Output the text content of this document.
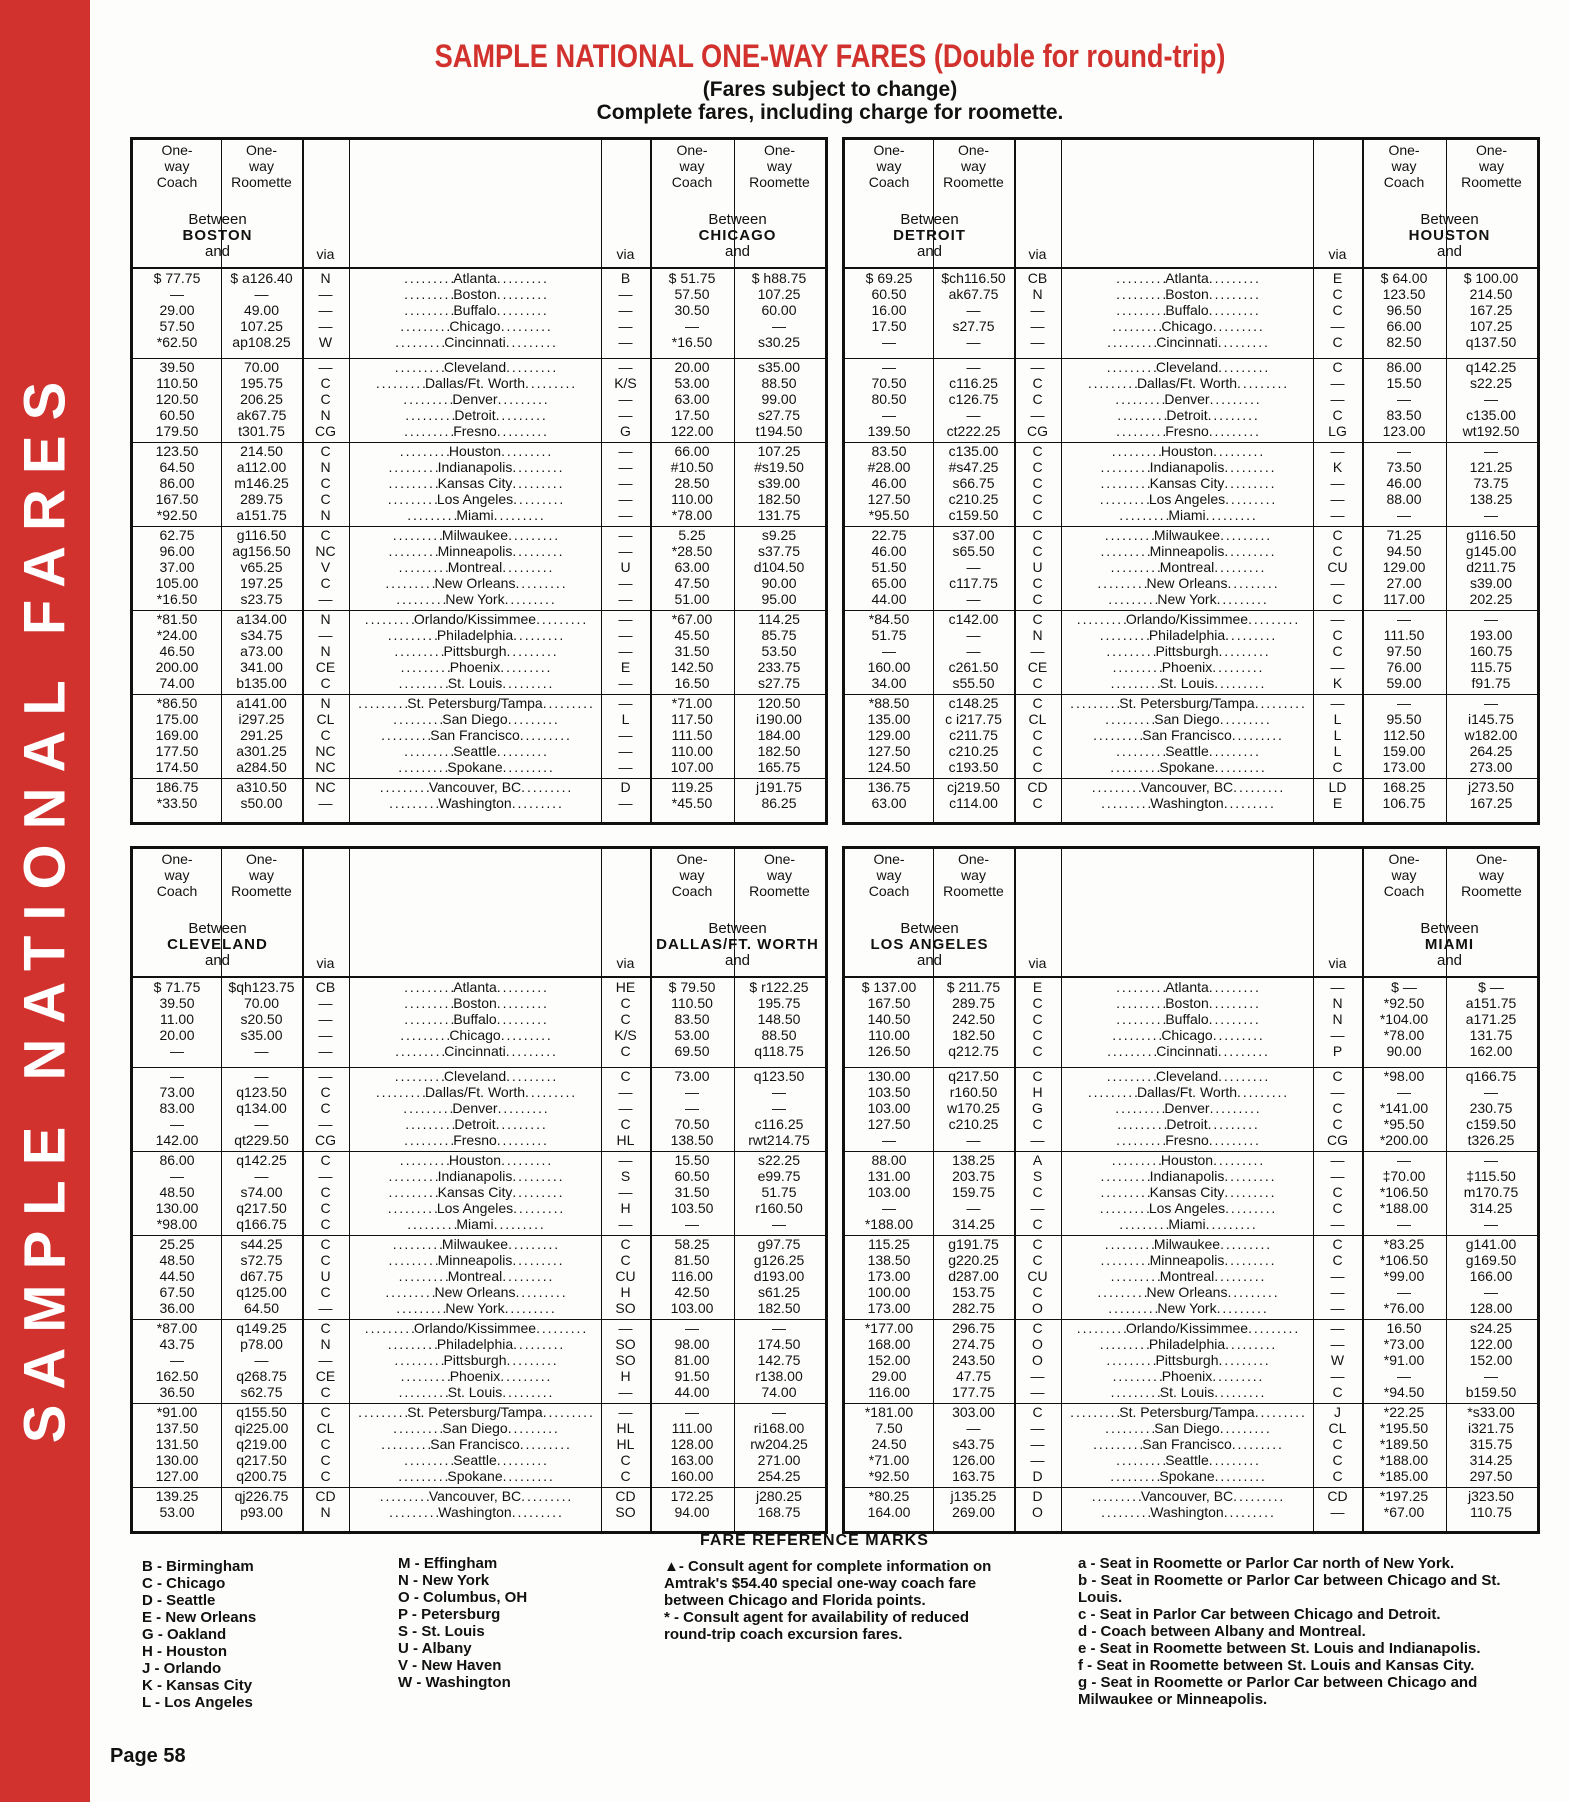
SAMPLE NATIONAL FARES
SAMPLE NATIONAL ONE-WAY FARES (Double for round-trip)
(Fares subject to change)
Complete fares, including charge for roomette.
One-
way
Coach
One-
way
Roomette
One-
way
Coach
One-
way
Roomette
via	via
Between
BOSTON
and
Between
CHICAGO
and
$ 77.75	$ a126.40	N	. . . . . . . . .Atlanta. . . . . . . . .	B	$ 51.75	$ h88.75
—	—	—	. . . . . . . . .Boston. . . . . . . . .	—	57.50	107.25
29.00	49.00	—	. . . . . . . . .Buffalo. . . . . . . . .	—	30.50	60.00
57.50	107.25	—	. . . . . . . . .Chicago. . . . . . . . .	—	—	—
*62.50	ap108.25	W	. . . . . . . . .Cincinnati. . . . . . . . .	—	*16.50	s30.25
39.50	70.00	—	. . . . . . . . .Cleveland. . . . . . . . .	—	20.00	s35.00
110.50	195.75	C	. . . . . . . . .Dallas/Ft. Worth. . . . . . . . .	K/S	53.00	88.50
120.50	206.25	C	. . . . . . . . .Denver. . . . . . . . .	—	63.00	99.00
60.50	ak67.75	N	. . . . . . . . .Detroit. . . . . . . . .	—	17.50	s27.75
179.50	t301.75	CG	. . . . . . . . .Fresno. . . . . . . . .	G	122.00	t194.50
123.50	214.50	C	. . . . . . . . .Houston. . . . . . . . .	—	66.00	107.25
64.50	a112.00	N	. . . . . . . . .Indianapolis. . . . . . . . .	—	#10.50	#s19.50
86.00	m146.25	C	. . . . . . . . .Kansas City. . . . . . . . .	—	28.50	s39.00
167.50	289.75	C	. . . . . . . . .Los Angeles. . . . . . . . .	—	110.00	182.50
*92.50	a151.75	N	. . . . . . . . .Miami. . . . . . . . .	—	*78.00	131.75
62.75	g116.50	C	. . . . . . . . .Milwaukee. . . . . . . . .	—	5.25	s9.25
96.00	ag156.50	NC	. . . . . . . . .Minneapolis. . . . . . . . .	—	*28.50	s37.75
37.00	v65.25	V	. . . . . . . . .Montreal. . . . . . . . .	U	63.00	d104.50
105.00	197.25	C	. . . . . . . . .New Orleans. . . . . . . . .	—	47.50	90.00
*16.50	s23.75	—	. . . . . . . . .New York. . . . . . . . .	—	51.00	95.00
*81.50	a134.00	N	. . . . . . . . .Orlando/Kissimmee. . . . . . . . .	—	*67.00	114.25
*24.00	s34.75	—	. . . . . . . . .Philadelphia. . . . . . . . .	—	45.50	85.75
46.50	a73.00	N	. . . . . . . . .Pittsburgh. . . . . . . . .	—	31.50	53.50
200.00	341.00	CE	. . . . . . . . .Phoenix. . . . . . . . .	E	142.50	233.75
74.00	b135.00	C	. . . . . . . . .St. Louis. . . . . . . . .	—	16.50	s27.75
*86.50	a141.00	N	. . . . . . . . .St. Petersburg/Tampa. . . . . . . . .	—	*71.00	120.50
175.00	i297.25	CL	. . . . . . . . .San Diego. . . . . . . . .	L	117.50	i190.00
169.00	291.25	C	. . . . . . . . .San Francisco. . . . . . . . .	—	111.50	184.00
177.50	a301.25	NC	. . . . . . . . .Seattle. . . . . . . . .	—	110.00	182.50
174.50	a284.50	NC	. . . . . . . . .Spokane. . . . . . . . .	—	107.00	165.75
186.75	a310.50	NC	. . . . . . . . .Vancouver, BC. . . . . . . . .	D	119.25	j191.75
*33.50	s50.00	—	. . . . . . . . .Washington. . . . . . . . .	—	*45.50	86.25
One-
way
Coach
One-
way
Roomette
One-
way
Coach
One-
way
Roomette
via	via
Between
DETROIT
and
Between
HOUSTON
and
$ 69.25	$ch116.50	CB	. . . . . . . . .Atlanta. . . . . . . . .	E	$ 64.00	$ 100.00
60.50	ak67.75	N	. . . . . . . . .Boston. . . . . . . . .	C	123.50	214.50
16.00	—	—	. . . . . . . . .Buffalo. . . . . . . . .	C	96.50	167.25
17.50	s27.75	—	. . . . . . . . .Chicago. . . . . . . . .	—	66.00	107.25
—	—	—	. . . . . . . . .Cincinnati. . . . . . . . .	C	82.50	q137.50
—	—	—	. . . . . . . . .Cleveland. . . . . . . . .	C	86.00	q142.25
70.50	c116.25	C	. . . . . . . . .Dallas/Ft. Worth. . . . . . . . .	—	15.50	s22.25
80.50	c126.75	C	. . . . . . . . .Denver. . . . . . . . .	—	—	—
—	—	—	. . . . . . . . .Detroit. . . . . . . . .	C	83.50	c135.00
139.50	ct222.25	CG	. . . . . . . . .Fresno. . . . . . . . .	LG	123.00	wt192.50
83.50	c135.00	C	. . . . . . . . .Houston. . . . . . . . .	—	—	—
#28.00	#s47.25	C	. . . . . . . . .Indianapolis. . . . . . . . .	K	73.50	121.25
46.00	s66.75	C	. . . . . . . . .Kansas City. . . . . . . . .	—	46.00	73.75
127.50	c210.25	C	. . . . . . . . .Los Angeles. . . . . . . . .	—	88.00	138.25
*95.50	c159.50	C	. . . . . . . . .Miami. . . . . . . . .	—	—	—
22.75	s37.00	C	. . . . . . . . .Milwaukee. . . . . . . . .	C	71.25	g116.50
46.00	s65.50	C	. . . . . . . . .Minneapolis. . . . . . . . .	C	94.50	g145.00
51.50	—	U	. . . . . . . . .Montreal. . . . . . . . .	CU	129.00	d211.75
65.00	c117.75	C	. . . . . . . . .New Orleans. . . . . . . . .	—	27.00	s39.00
44.00	—	C	. . . . . . . . .New York. . . . . . . . .	C	117.00	202.25
*84.50	c142.00	C	. . . . . . . . .Orlando/Kissimmee. . . . . . . . .	—	—	—
51.75	—	N	. . . . . . . . .Philadelphia. . . . . . . . .	C	111.50	193.00
—	—	—	. . . . . . . . .Pittsburgh. . . . . . . . .	C	97.50	160.75
160.00	c261.50	CE	. . . . . . . . .Phoenix. . . . . . . . .	—	76.00	115.75
34.00	s55.50	C	. . . . . . . . .St. Louis. . . . . . . . .	K	59.00	f91.75
*88.50	c148.25	C	. . . . . . . . .St. Petersburg/Tampa. . . . . . . . .	—	—	—
135.00	c i217.75	CL	. . . . . . . . .San Diego. . . . . . . . .	L	95.50	i145.75
129.00	c211.75	C	. . . . . . . . .San Francisco. . . . . . . . .	L	112.50	w182.00
127.50	c210.25	C	. . . . . . . . .Seattle. . . . . . . . .	L	159.00	264.25
124.50	c193.50	C	. . . . . . . . .Spokane. . . . . . . . .	C	173.00	273.00
136.75	cj219.50	CD	. . . . . . . . .Vancouver, BC. . . . . . . . .	LD	168.25	j273.50
63.00	c114.00	C	. . . . . . . . .Washington. . . . . . . . .	E	106.75	167.25
One-
way
Coach
One-
way
Roomette
One-
way
Coach
One-
way
Roomette
via	via
Between
CLEVELAND
and
Between
DALLAS/FT. WORTH
and
$ 71.75	$qh123.75	CB	. . . . . . . . .Atlanta. . . . . . . . .	HE	$ 79.50	$ r122.25
39.50	70.00	—	. . . . . . . . .Boston. . . . . . . . .	C	110.50	195.75
11.00	s20.50	—	. . . . . . . . .Buffalo. . . . . . . . .	C	83.50	148.50
20.00	s35.00	—	. . . . . . . . .Chicago. . . . . . . . .	K/S	53.00	88.50
—	—	—	. . . . . . . . .Cincinnati. . . . . . . . .	C	69.50	q118.75
—	—	—	. . . . . . . . .Cleveland. . . . . . . . .	C	73.00	q123.50
73.00	q123.50	C	. . . . . . . . .Dallas/Ft. Worth. . . . . . . . .	—	—	—
83.00	q134.00	C	. . . . . . . . .Denver. . . . . . . . .	—	—	—
—	—	—	. . . . . . . . .Detroit. . . . . . . . .	C	70.50	c116.25
142.00	qt229.50	CG	. . . . . . . . .Fresno. . . . . . . . .	HL	138.50	rwt214.75
86.00	q142.25	C	. . . . . . . . .Houston. . . . . . . . .	—	15.50	s22.25
—	—	—	. . . . . . . . .Indianapolis. . . . . . . . .	S	60.50	e99.75
48.50	s74.00	C	. . . . . . . . .Kansas City. . . . . . . . .	—	31.50	51.75
130.00	q217.50	C	. . . . . . . . .Los Angeles. . . . . . . . .	H	103.50	r160.50
*98.00	q166.75	C	. . . . . . . . .Miami. . . . . . . . .	—	—	—
25.25	s44.25	C	. . . . . . . . .Milwaukee. . . . . . . . .	C	58.25	g97.75
48.50	s72.75	C	. . . . . . . . .Minneapolis. . . . . . . . .	C	81.50	g126.25
44.50	d67.75	U	. . . . . . . . .Montreal. . . . . . . . .	CU	116.00	d193.00
67.50	q125.00	C	. . . . . . . . .New Orleans. . . . . . . . .	H	42.50	s61.25
36.00	64.50	—	. . . . . . . . .New York. . . . . . . . .	SO	103.00	182.50
*87.00	q149.25	C	. . . . . . . . .Orlando/Kissimmee. . . . . . . . .	—	—	—
43.75	p78.00	N	. . . . . . . . .Philadelphia. . . . . . . . .	SO	98.00	174.50
—	—	—	. . . . . . . . .Pittsburgh. . . . . . . . .	SO	81.00	142.75
162.50	q268.75	CE	. . . . . . . . .Phoenix. . . . . . . . .	H	91.50	r138.00
36.50	s62.75	C	. . . . . . . . .St. Louis. . . . . . . . .	—	44.00	74.00
*91.00	q155.50	C	. . . . . . . . .St. Petersburg/Tampa. . . . . . . . .	—	—	—
137.50	qi225.00	CL	. . . . . . . . .San Diego. . . . . . . . .	HL	111.00	ri168.00
131.50	q219.00	C	. . . . . . . . .San Francisco. . . . . . . . .	HL	128.00	rw204.25
130.00	q217.50	C	. . . . . . . . .Seattle. . . . . . . . .	C	163.00	271.00
127.00	q200.75	C	. . . . . . . . .Spokane. . . . . . . . .	C	160.00	254.25
139.25	qj226.75	CD	. . . . . . . . .Vancouver, BC. . . . . . . . .	CD	172.25	j280.25
53.00	p93.00	N	. . . . . . . . .Washington. . . . . . . . .	SO	94.00	168.75
One-
way
Coach
One-
way
Roomette
One-
way
Coach
One-
way
Roomette
via	via
Between
LOS ANGELES
and
Between
MIAMI
and
$ 137.00	$ 211.75	E	. . . . . . . . .Atlanta. . . . . . . . .	—	$ —	$ —
167.50	289.75	C	. . . . . . . . .Boston. . . . . . . . .	N	*92.50	a151.75
140.50	242.50	C	. . . . . . . . .Buffalo. . . . . . . . .	N	*104.00	a171.25
110.00	182.50	C	. . . . . . . . .Chicago. . . . . . . . .	—	*78.00	131.75
126.50	q212.75	C	. . . . . . . . .Cincinnati. . . . . . . . .	P	90.00	162.00
130.00	q217.50	C	. . . . . . . . .Cleveland. . . . . . . . .	C	*98.00	q166.75
103.50	r160.50	H	. . . . . . . . .Dallas/Ft. Worth. . . . . . . . .	—	—	—
103.00	w170.25	G	. . . . . . . . .Denver. . . . . . . . .	C	*141.00	230.75
127.50	c210.25	C	. . . . . . . . .Detroit. . . . . . . . .	C	*95.50	c159.50
—	—	—	. . . . . . . . .Fresno. . . . . . . . .	CG	*200.00	t326.25
88.00	138.25	A	. . . . . . . . .Houston. . . . . . . . .	—	—	—
131.00	203.75	S	. . . . . . . . .Indianapolis. . . . . . . . .	—	‡70.00	‡115.50
103.00	159.75	C	. . . . . . . . .Kansas City. . . . . . . . .	C	*106.50	m170.75
—	—	—	. . . . . . . . .Los Angeles. . . . . . . . .	C	*188.00	314.25
*188.00	314.25	C	. . . . . . . . .Miami. . . . . . . . .	—	—	—
115.25	g191.75	C	. . . . . . . . .Milwaukee. . . . . . . . .	C	*83.25	g141.00
138.50	g220.25	C	. . . . . . . . .Minneapolis. . . . . . . . .	C	*106.50	g169.50
173.00	d287.00	CU	. . . . . . . . .Montreal. . . . . . . . .	—	*99.00	166.00
100.00	153.75	C	. . . . . . . . .New Orleans. . . . . . . . .	—	—	—
173.00	282.75	O	. . . . . . . . .New York. . . . . . . . .	—	*76.00	128.00
*177.00	296.75	C	. . . . . . . . .Orlando/Kissimmee. . . . . . . . .	—	16.50	s24.25
168.00	274.75	O	. . . . . . . . .Philadelphia. . . . . . . . .	—	*73.00	122.00
152.00	243.50	O	. . . . . . . . .Pittsburgh. . . . . . . . .	W	*91.00	152.00
29.00	47.75	—	. . . . . . . . .Phoenix. . . . . . . . .	—	—	—
116.00	177.75	—	. . . . . . . . .St. Louis. . . . . . . . .	C	*94.50	b159.50
*181.00	303.00	C	. . . . . . . . .St. Petersburg/Tampa. . . . . . . . .	J	*22.25	*s33.00
7.50	—	—	. . . . . . . . .San Diego. . . . . . . . .	CL	*195.50	i321.75
24.50	s43.75	—	. . . . . . . . .San Francisco. . . . . . . . .	C	*189.50	315.75
*71.00	126.00	—	. . . . . . . . .Seattle. . . . . . . . .	C	*188.00	314.25
*92.50	163.75	D	. . . . . . . . .Spokane. . . . . . . . .	C	*185.00	297.50
*80.25	j135.25	D	. . . . . . . . .Vancouver, BC. . . . . . . . .	CD	*197.25	j323.50
164.00	269.00	O	. . . . . . . . .Washington. . . . . . . . .	—	*67.00	110.75
FARE REFERENCE MARKS
B - Birmingham
C - Chicago
D - Seattle
E - New Orleans
G - Oakland
H - Houston
J - Orlando
K - Kansas City
L - Los Angeles
M - Effingham
N - New York
O - Columbus, OH
P - Petersburg
S - St. Louis
U - Albany
V - New Haven
W - Washington
▲- Consult agent for complete information on Amtrak's $54.40 special one-way coach fare between Chicago and Florida points.
* - Consult agent for availability of reduced round-trip coach excursion fares.
a - Seat in Roomette or Parlor Car north of New York.
b - Seat in Roomette or Parlor Car between Chicago and St. Louis.
c - Seat in Parlor Car between Chicago and Detroit.
d - Coach between Albany and Montreal.
e - Seat in Roomette between St. Louis and Indianapolis.
f - Seat in Roomette between St. Louis and Kansas City.
g - Seat in Roomette or Parlor Car between Chicago and Milwaukee or Minneapolis.
Page 58
